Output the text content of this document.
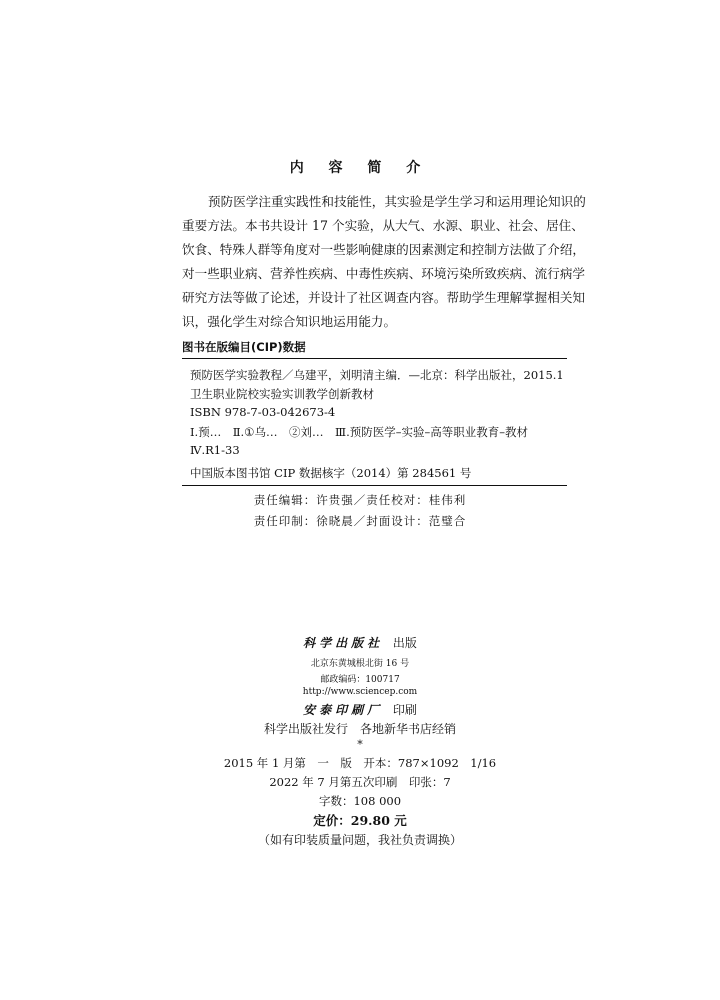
内 容 简 介
预防医学注重实践性和技能性，其实验是学生学习和运用理论知识的
重要方法。本书共设计 17 个实验，从大气、水源、职业、社会、居住、
饮食、特殊人群等角度对一些影响健康的因素测定和控制方法做了介绍，
对一些职业病、营养性疾病、中毒性疾病、环境污染所致疾病、流行病学
研究方法等做了论述，并设计了社区调查内容。帮助学生理解掌握相关知
识，强化学生对综合知识地运用能力。
图书在版编目(CIP)数据
预防医学实验教程／乌建平，刘明清主编．—北京：科学出版社，2015.1
卫生职业院校实验实训教学创新教材
ISBN 978-7-03-042673-4
Ⅰ.预…　Ⅱ.①乌…　②刘…　Ⅲ.预防医学–实验–高等职业教育–教材
Ⅳ.R1-33
中国版本图书馆 CIP 数据核字（2014）第 284561 号
责任编辑：许贵强／责任校对：桂伟利
责任印制：徐晓晨／封面设计：范璧合
科学出版社 出版
北京东黄城根北街 16 号
邮政编码：100717
http://www.sciencep.com
安泰印刷厂 印刷
科学出版社发行　各地新华书店经销
*
2015 年 1 月第　一　版　开本：787×1092　1/16
2022 年 7 月第五次印刷　印张：7
字数：108 000
定价：29.80 元
（如有印装质量问题，我社负责调换）
